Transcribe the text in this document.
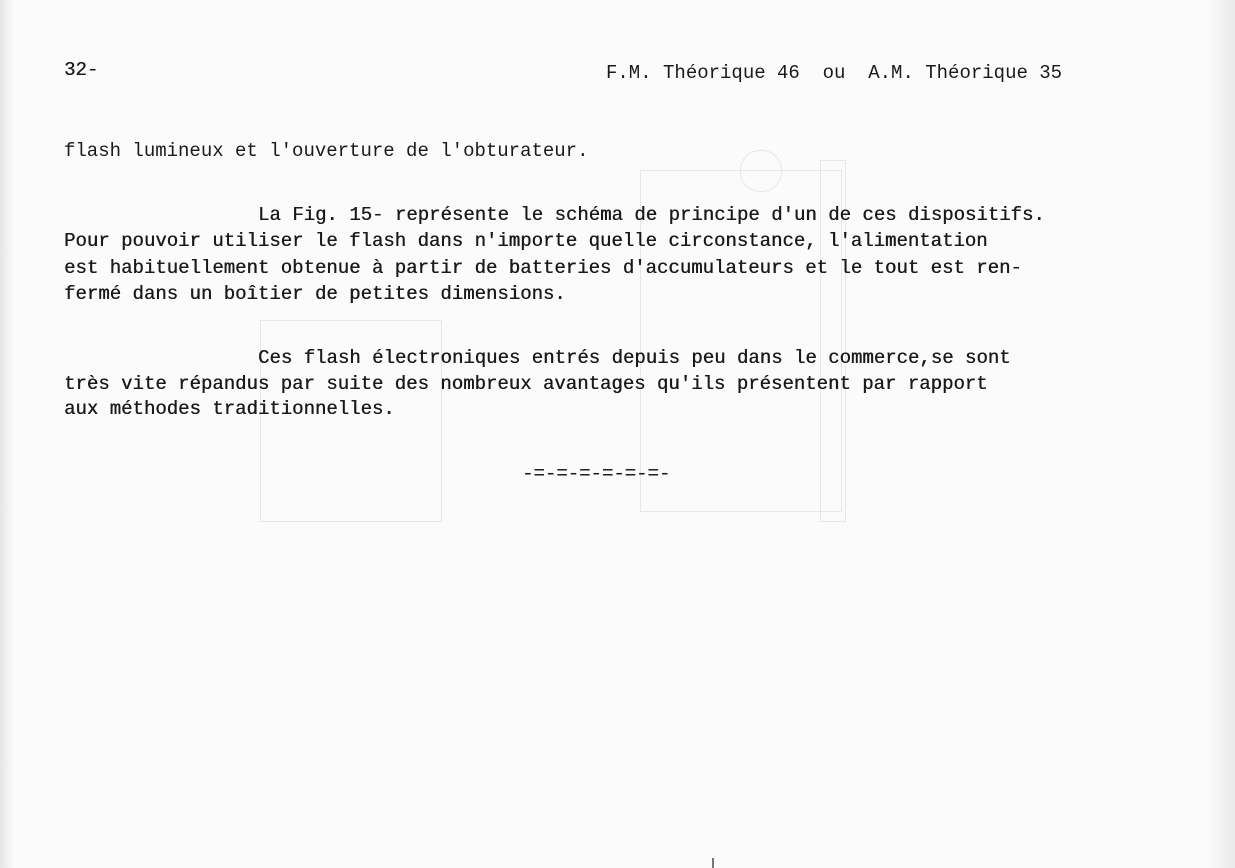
32-	F.M. Théorique 46  ou  A.M. Théorique 35
flash lumineux et l'ouverture de l'obturateur.
La Fig. 15- représente le schéma de principe d'un de ces dispositifs.
Pour pouvoir utiliser le flash dans n'importe quelle circonstance, l'alimentation
est habituellement obtenue à partir de batteries d'accumulateurs et le tout est ren-
fermé dans un boîtier de petites dimensions.
Ces flash électroniques entrés depuis peu dans le commerce,se sont
très vite répandus par suite des nombreux avantages qu'ils présentent par rapport
aux méthodes traditionnelles.
-=-=-=-=-=-=-
